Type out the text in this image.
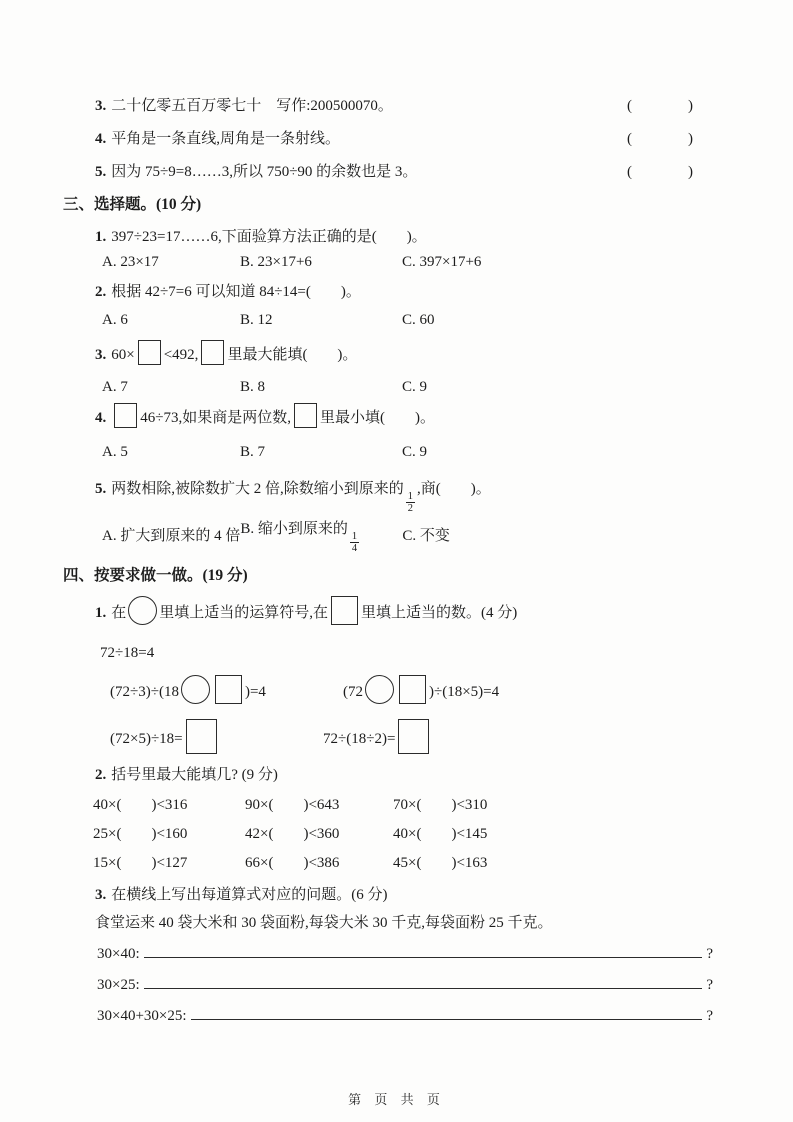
3. 二十亿零五百万零七十　写作:200500070。	(	)
4. 平角是一条直线,周角是一条射线。	(	)
5. 因为 75÷9=8……3,所以 750÷90 的余数也是 3。	(	)
三、选择题。(10 分)
1. 397÷23=17……6,下面验算方法正确的是(　　)。
A. 23×17	B. 23×17+6	C. 397×17+6
2. 根据 42÷7=6 可以知道 84÷14=(　　)。
A. 6	B. 12	C. 60
3. 60× <492, 里最大能填(　　)。
A. 7	B. 8	C. 9
4. 46÷73,如果商是两位数, 里最小填(　　)。
A. 5	B. 7	C. 9
5. 两数相除,被除数扩大 2 倍,除数缩小到原来的
$\frac{1}{2}$
,商(　　)。
A. 扩大到原来的 4 倍 B. 缩小到原来的
$\frac{1}{4}$	C. 不变
四、按要求做一做。(19 分)
1. 在 里填上适当的运算符号,在 里填上适当的数。(4 分)
72÷18=4
(72÷3)÷(18	)=4	(72	)÷(18×5)=4
(72×5)÷18=	72÷(18÷2)=
2. 括号里最大能填几? (9 分)
40×(　　)<316	90×(　　)<643	70×(　　)<310
25×(　　)<160	42×(　　)<360	40×(　　)<145
15×(　　)<127	66×(　　)<386	45×(　　)<163
3. 在横线上写出每道算式对应的问题。(6 分)
食堂运来 40 袋大米和 30 袋面粉,每袋大米 30 千克,每袋面粉 25 千克。
30×40:	?
30×25:	?
30×40+30×25:	?
第 页 共 页
